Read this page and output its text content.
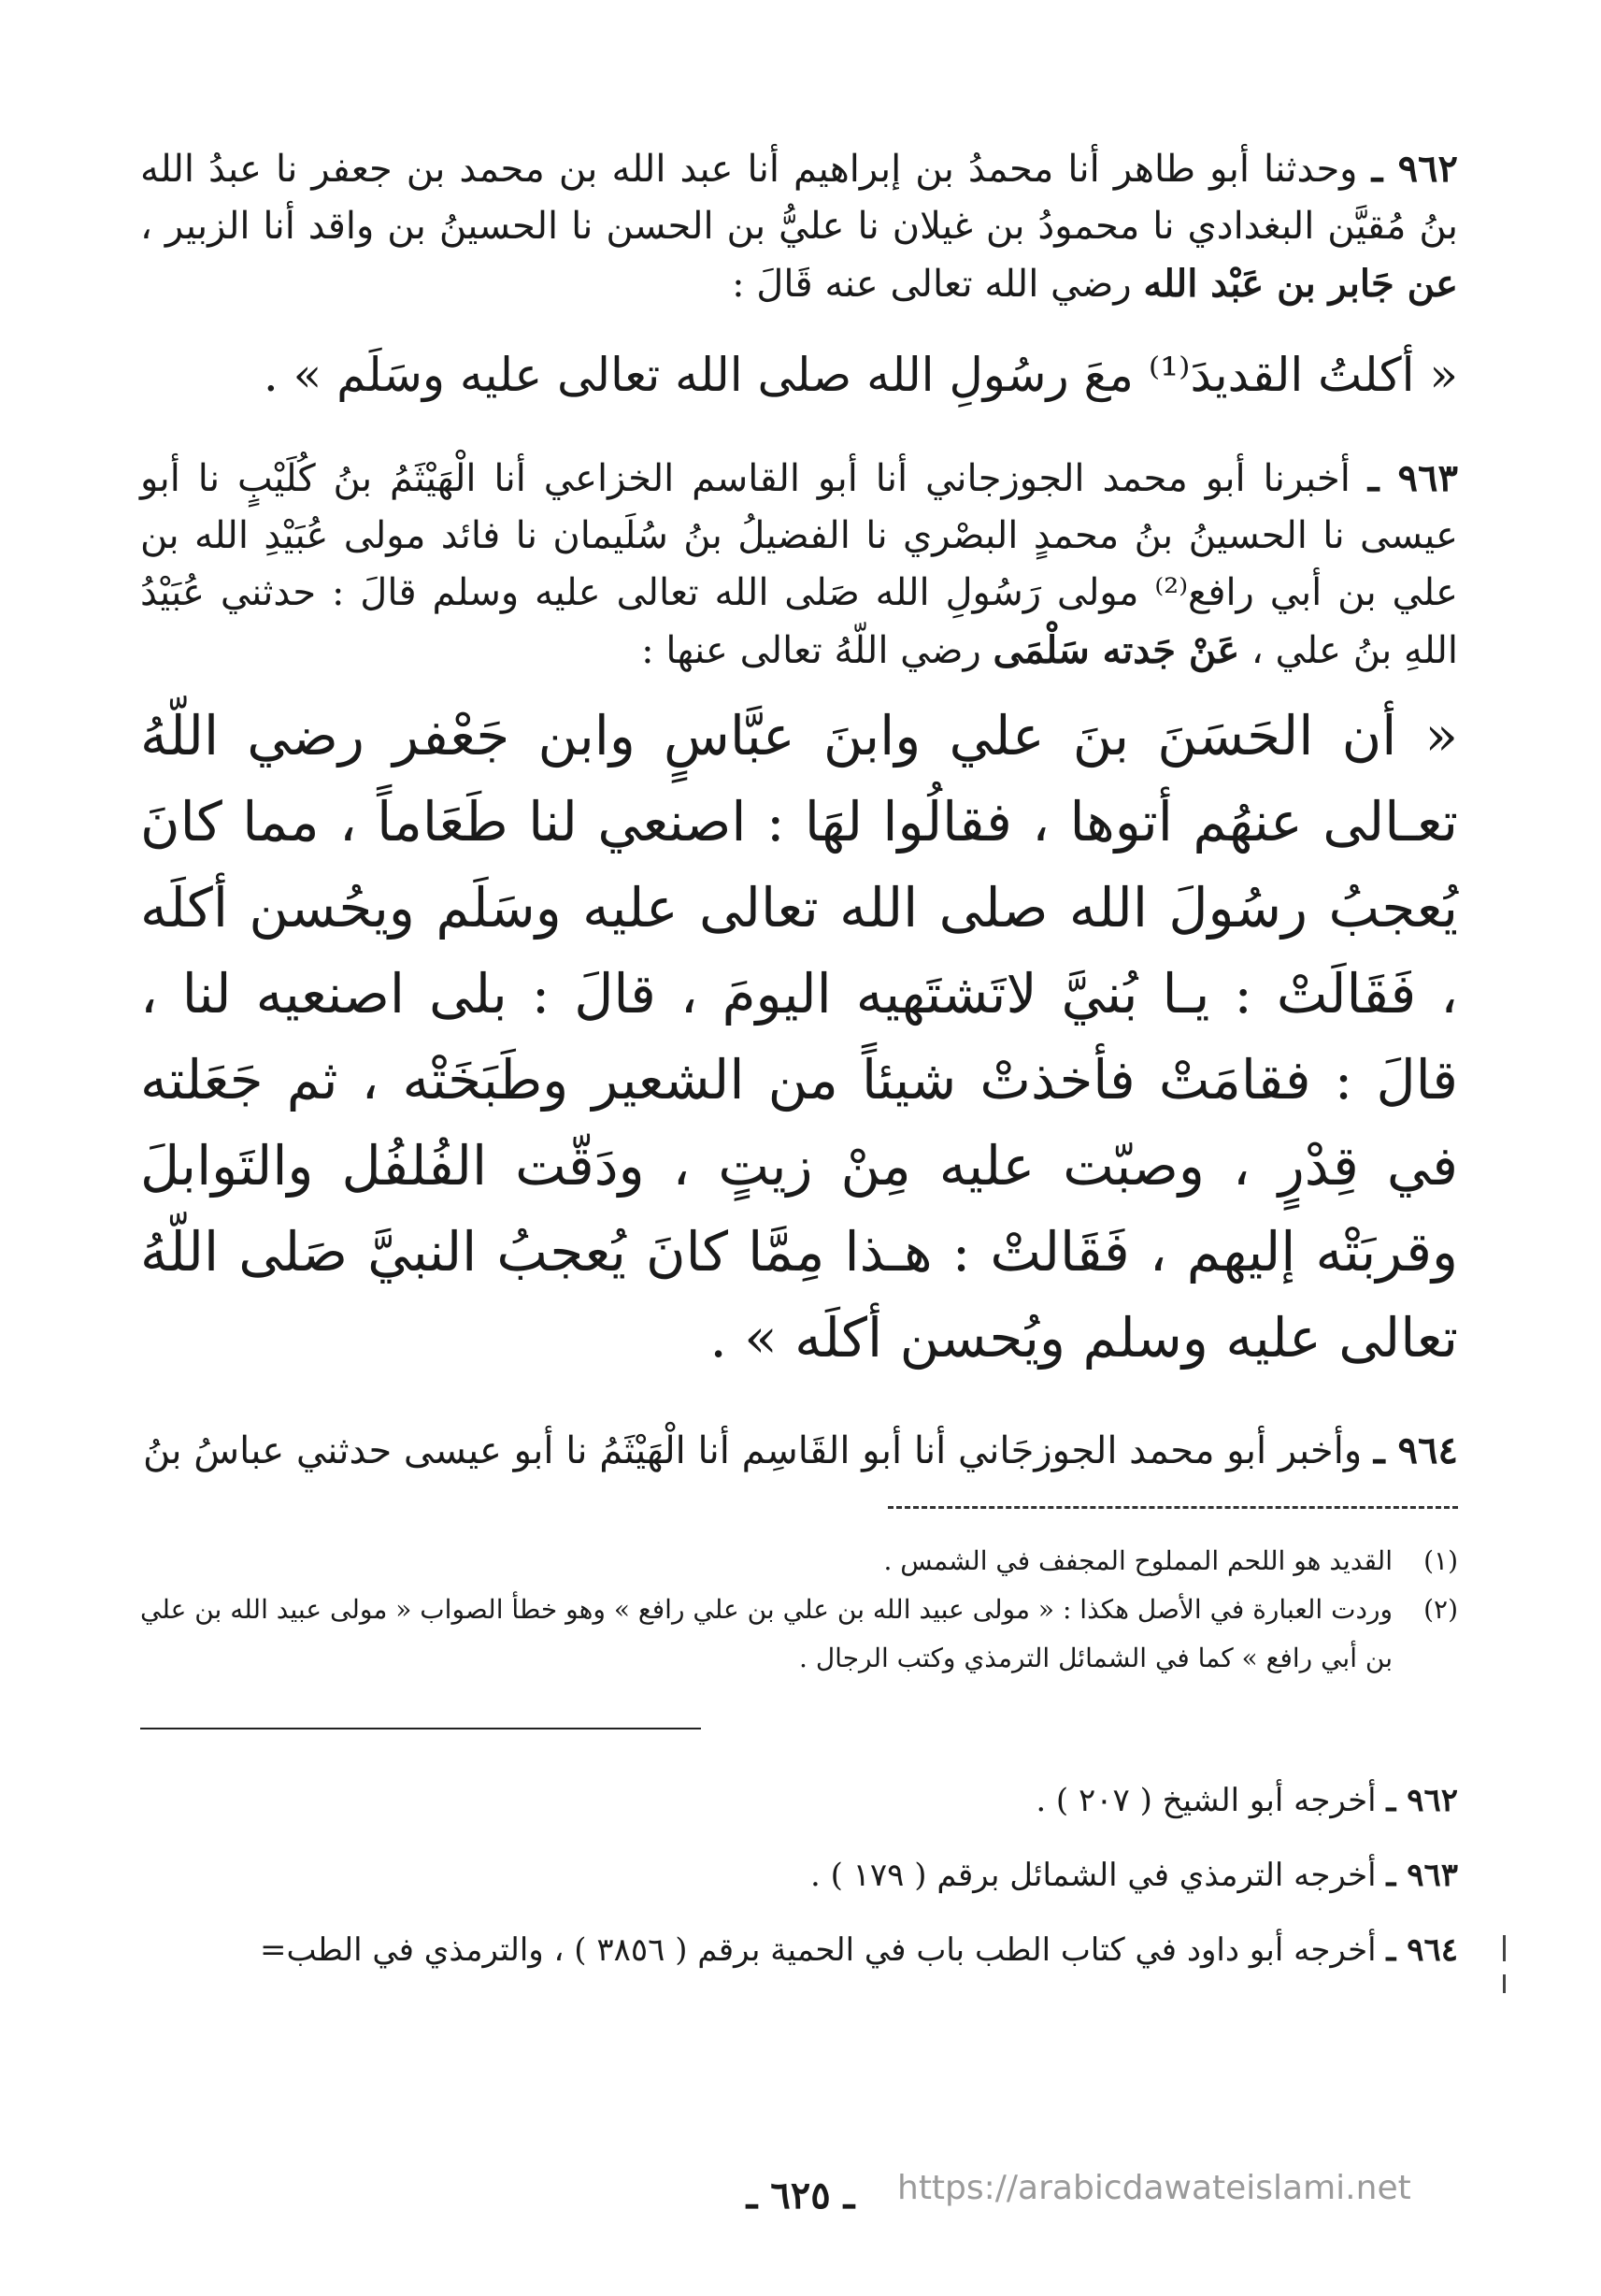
٩٦٢ ـ وحدثنا أبو طاهر أنا محمدُ بن إبراهيم أنا عبد الله بن محمد بن جعفر نا عبدُ الله بنُ مُقيَّن البغدادي نا محمودُ بن غيلان نا عليُّ بن الحسن نا الحسينُ بن واقد أنا الزبير ، عن جَابر بن عَبْد الله رضي الله تعالى عنه قَالَ :

« أكلتُ القديدَ⁽¹⁾ معَ رسُولِ الله صلى الله تعالى عليه وسَلَم » .

٩٦٣ ـ أخبرنا أبو محمد الجوزجاني أنا أبو القاسم الخزاعي أنا الْهَيْثَمُ بنُ كُلَيْبٍ نا أبو عيسى نا الحسينُ بنُ محمدٍ البصْري نا الفضيلُ بنُ سُلَيمان نا فائد مولى عُبَيْدِ الله بن علي بن أبي رافع⁽²⁾ مولى رَسُولِ الله صَلى الله تعالى عليه وسلم قالَ : حدثني عُبَيْدُ اللهِ بنُ علي ، عَنْ جَدته سَلْمَى رضي اللّهُ تعالى عنها :

« أن الحَسَنَ بنَ علي وابنَ عبَّاسٍ وابن جَعْفر رضي اللّهُ تعـالى عنهُم أتوها ، فقالُوا لهَا : اصنعي لنا طَعَاماً ، مما كانَ يُعجبُ رسُولَ الله صلى الله تعالى عليه وسَلَم ويحُسن أكلَه ، فَقَالَتْ : يـا بُنيَّ لاتَشتَهيه اليومَ ، قالَ : بلى اصنعيه لنا ، قالَ : فقامَتْ فأخذتْ شيئاً من الشعير وطَبَخَتْه ، ثم جَعَلته في قِدْرٍ ، وصبّت عليه مِنْ زيتٍ ، ودَقّت الفُلفُل والتَوابلَ وقربَتْه إليهم ، فَقَالتْ : هـذا مِمَّا كانَ يُعجبُ النبيَّ صَلى اللّهُ تعالى عليه وسلم ويُحسن أكلَه » .

٩٦٤ ـ وأخبر أبو محمد الجوزجَاني أنا أبو القَاسِم أنا الْهَيْثَمُ نا أبو عيسى حدثني عباسُ بنُ

(١)
القديد هو اللحم المملوح المجفف في الشمس .
(٢)
وردت العبارة في الأصل هكذا : « مولى عبيد الله بن علي بن علي رافع » وهو خطأ الصواب « مولى عبيد الله بن علي بن أبي رافع » كما في الشمائل الترمذي وكتب الرجال .
٩٦٢ ـ أخرجه أبو الشيخ ( ٢٠٧ ) .
٩٦٣ ـ أخرجه الترمذي في الشمائل برقم ( ١٧٩ ) .
٩٦٤ ـ أخرجه أبو داود في كتاب الطب باب في الحمية برقم ( ٣٨٥٦ ) ، والترمذي في الطب=
ـ ٦٢٥ ـ	https://arabicdawateislami.net
